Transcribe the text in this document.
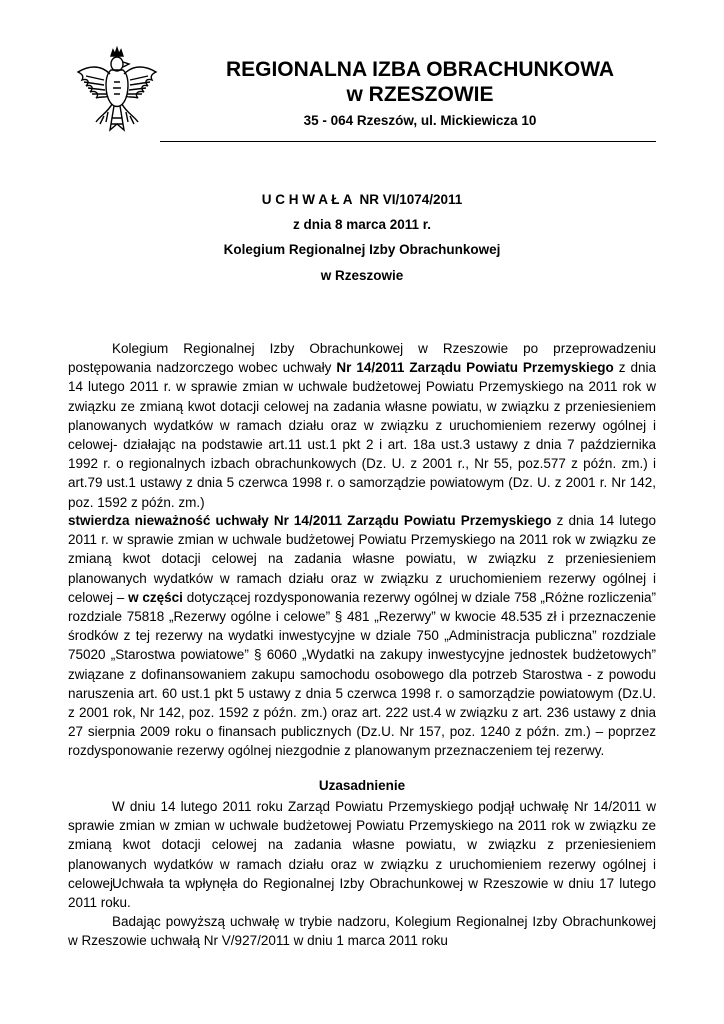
REGIONALNA IZBA OBRACHUNKOWA
w RZESZOWIE
35 - 064 Rzeszów, ul. Mickiewicza 10
U C H W A Ł A  NR VI/1074/2011
z dnia 8 marca 2011 r.
Kolegium Regionalnej Izby Obrachunkowej
w Rzeszowie

Kolegium Regionalnej Izby Obrachunkowej w Rzeszowie po przeprowadzeniu postępowania nadzorczego wobec uchwały Nr 14/2011 Zarządu Powiatu Przemyskiego z dnia 14 lutego 2011 r. w sprawie zmian w uchwale budżetowej Powiatu Przemyskiego na 2011 rok w związku ze zmianą kwot dotacji celowej na zadania własne powiatu, w związku z przeniesieniem planowanych wydatków w ramach działu oraz w związku z uruchomieniem rezerwy ogólnej i celowej- działając na podstawie art.11 ust.1 pkt 2 i art. 18a ust.3 ustawy z dnia 7 października 1992 r. o regionalnych izbach obrachunkowych (Dz. U. z 2001 r., Nr 55, poz.577 z późn. zm.) i art.79 ust.1 ustawy z dnia 5 czerwca 1998 r. o samorządzie powiatowym (Dz. U. z 2001 r. Nr 142, poz. 1592 z późn. zm.)

stwierdza nieważność uchwały Nr 14/2011 Zarządu Powiatu Przemyskiego z dnia 14 lutego 2011 r. w sprawie zmian w uchwale budżetowej Powiatu Przemyskiego na 2011 rok w związku ze zmianą kwot dotacji celowej na zadania własne powiatu, w związku z przeniesieniem planowanych wydatków w ramach działu oraz w związku z uruchomieniem rezerwy ogólnej i celowej – w części dotyczącej rozdysponowania rezerwy ogólnej w dziale 758 „Różne rozliczenia” rozdziale 75818 „Rezerwy ogólne i celowe” § 481 „Rezerwy” w kwocie 48.535 zł i przeznaczenie środków z tej rezerwy na wydatki inwestycyjne w dziale 750 „Administracja publiczna” rozdziale 75020 „Starostwa powiatowe” § 6060 „Wydatki na zakupy inwestycyjne jednostek budżetowych” związane z dofinansowaniem zakupu samochodu osobowego dla potrzeb Starostwa - z powodu naruszenia art. 60 ust.1 pkt 5 ustawy z dnia 5 czerwca 1998 r. o samorządzie powiatowym (Dz.U. z 2001 rok, Nr 142, poz. 1592 z późn. zm.) oraz art. 222 ust.4 w związku z art. 236 ustawy z dnia 27 sierpnia 2009 roku o finansach publicznych (Dz.U. Nr 157, poz. 1240 z późn. zm.) – poprzez rozdysponowanie rezerwy ogólnej niezgodnie z planowanym przeznaczeniem tej rezerwy.

Uzasadnienie

W dniu 14 lutego 2011 roku Zarząd Powiatu Przemyskiego podjął uchwałę Nr 14/2011 w sprawie zmian w zmian w uchwale budżetowej Powiatu Przemyskiego na 2011 rok w związku ze zmianą kwot dotacji celowej na zadania własne powiatu, w związku z przeniesieniem planowanych wydatków w ramach działu oraz w związku z uruchomieniem rezerwy ogólnej i celowej.

Uchwała ta wpłynęła do Regionalnej Izby Obrachunkowej w Rzeszowie w dniu 17 lutego 2011 roku.

Badając powyższą uchwałę w trybie nadzoru, Kolegium Regionalnej Izby Obrachunkowej w Rzeszowie uchwałą Nr V/927/2011 w dniu 1 marca 2011 roku
